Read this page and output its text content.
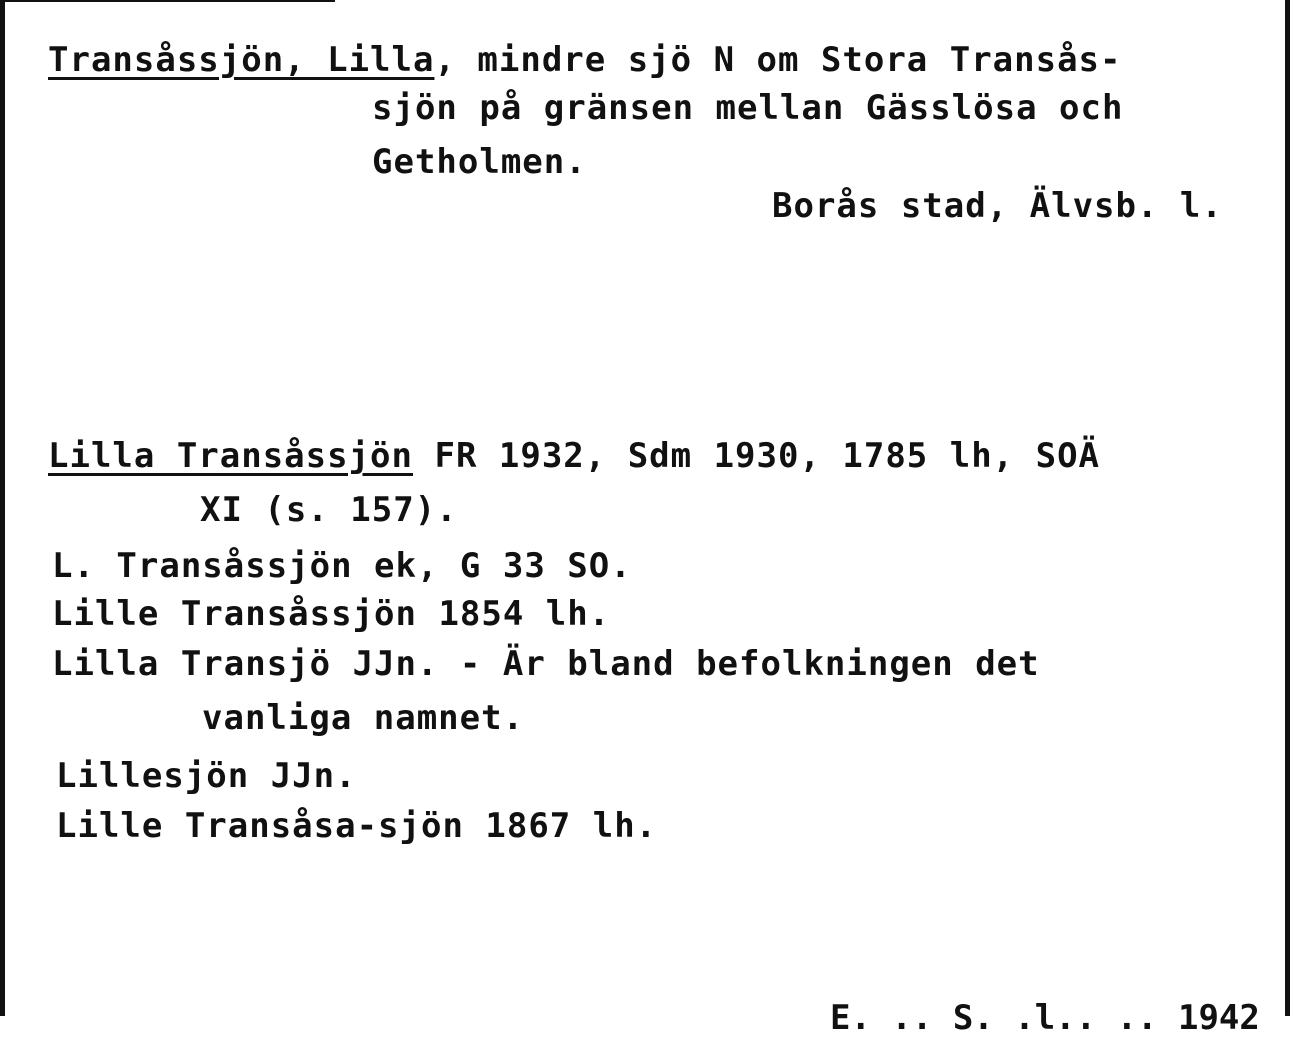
Transåssjön, Lilla, mindre sjö N om Stora Transås-
sjön på gränsen mellan Gässlösa och
Getholmen.
Borås stad, Älvsb. l.
Lilla Transåssjön FR 1932, Sdm 1930, 1785 lh, SOÄ
XI (s. 157).
L. Transåssjön ek, G 33 SO.
Lille Transåssjön 1854 lh.
Lilla Transjö JJn. - Är bland befolkningen det
vanliga namnet.
Lillesjön JJn.
Lille Transåsa-sjön 1867 lh.
E. .. S. .l.. .. 1942
